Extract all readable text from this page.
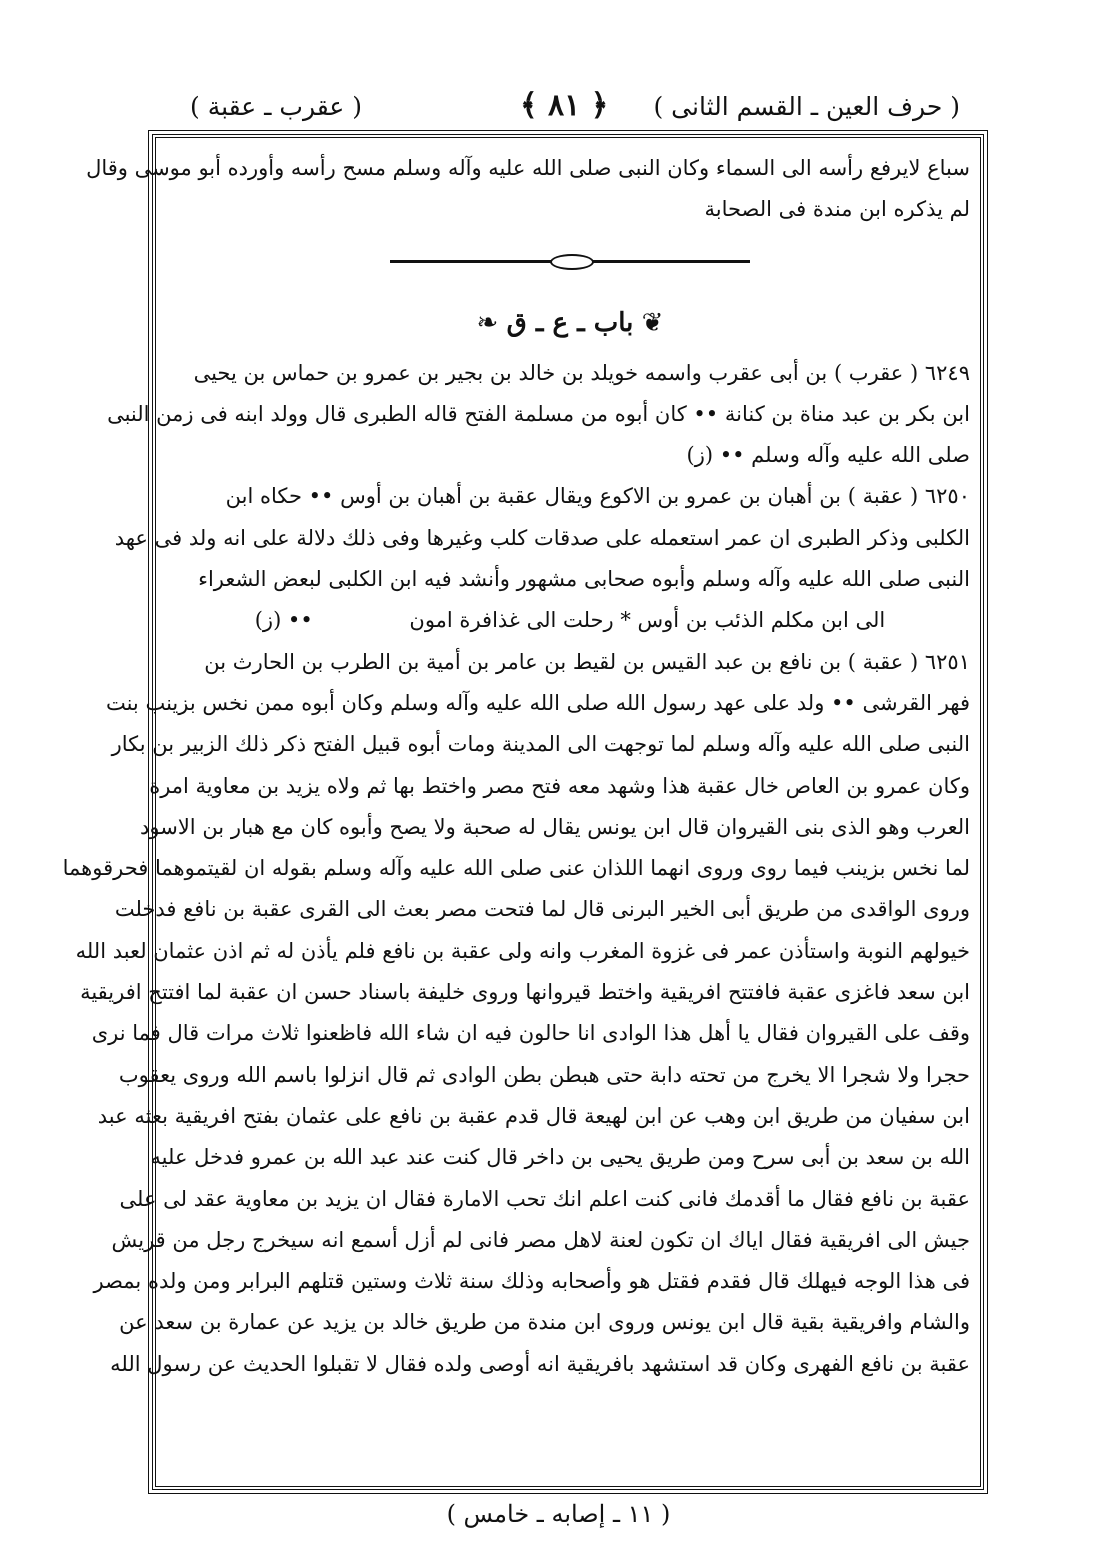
( حرف العين ـ القسم الثانى )
﴿ ٨١ ﴾
( عقرب ـ عقبة )
سباع لايرفع رأسه الى السماء وكان النبى صلى الله عليه وآله وسلم مسح رأسه وأورده أبو موسى وقال
لم يذكره ابن مندة فى الصحابة
❦ باب ـ ع ـ ق ❧
٦٢٤٩ ( عقرب ) بن أبى عقرب واسمه خويلد بن خالد بن بجير بن عمرو بن حماس بن يحيى
ابن بكر بن عبد مناة بن كنانة •• كان أبوه من مسلمة الفتح قاله الطبرى قال وولد ابنه فى زمن النبى
صلى الله عليه وآله وسلم •• (ز)
٦٢٥٠ ( عقبة ) بن أهبان بن عمرو بن الاكوع ويقال عقبة بن أهبان بن أوس •• حكاه ابن
الكلبى وذكر الطبرى ان عمر استعمله على صدقات كلب وغيرها وفى ذلك دلالة على انه ولد فى عهد
النبى صلى الله عليه وآله وسلم وأبوه صحابى مشهور وأنشد فيه ابن الكلبى لبعض الشعراء
الى ابن مكلم الذئب بن أوس * رحلت الى غذافرة امون •• (ز)
٦٢٥١ ( عقبة ) بن نافع بن عبد القيس بن لقيط بن عامر بن أمية بن الطرب بن الحارث بن
فهر القرشى •• ولد على عهد رسول الله صلى الله عليه وآله وسلم وكان أبوه ممن نخس بزينب بنت
النبى صلى الله عليه وآله وسلم لما توجهت الى المدينة ومات أبوه قبيل الفتح ذكر ذلك الزبير بن بكار
وكان عمرو بن العاص خال عقبة هذا وشهد معه فتح مصر واختط بها ثم ولاه يزيد بن معاوية امرة
العرب وهو الذى بنى القيروان قال ابن يونس يقال له صحبة ولا يصح وأبوه كان مع هبار بن الاسود
لما نخس بزينب فيما روى وروى انهما اللذان عنى صلى الله عليه وآله وسلم بقوله ان لقيتموهما فحرقوهما
وروى الواقدى من طريق أبى الخير البرنى قال لما فتحت مصر بعث الى القرى عقبة بن نافع فدخلت
خيولهم النوبة واستأذن عمر فى غزوة المغرب وانه ولى عقبة بن نافع فلم يأذن له ثم اذن عثمان لعبد الله
ابن سعد فاغزى عقبة فافتتح افريقية واختط قيروانها وروى خليفة باسناد حسن ان عقبة لما افتتح افريقية
وقف على القيروان فقال يا أهل هذا الوادى انا حالون فيه ان شاء الله فاظعنوا ثلاث مرات قال فما نرى
حجرا ولا شجرا الا يخرج من تحته دابة حتى هبطن بطن الوادى ثم قال انزلوا باسم الله وروى يعقوب
ابن سفيان من طريق ابن وهب عن ابن لهيعة قال قدم عقبة بن نافع على عثمان بفتح افريقية بعثه عبد
الله بن سعد بن أبى سرح ومن طريق يحيى بن داخر قال كنت عند عبد الله بن عمرو فدخل عليه
عقبة بن نافع فقال ما أقدمك فانى كنت اعلم انك تحب الامارة فقال ان يزيد بن معاوية عقد لى على
جيش الى افريقية فقال اياك ان تكون لعنة لاهل مصر فانى لم أزل أسمع انه سيخرج رجل من قريش
فى هذا الوجه فيهلك قال فقدم فقتل هو وأصحابه وذلك سنة ثلاث وستين قتلهم البرابر ومن ولده بمصر
والشام وافريقية بقية قال ابن يونس وروى ابن مندة من طريق خالد بن يزيد عن عمارة بن سعد عن
عقبة بن نافع الفهرى وكان قد استشهد بافريقية انه أوصى ولده فقال لا تقبلوا الحديث عن رسول الله
( ١١ ـ إصابه ـ خامس )
